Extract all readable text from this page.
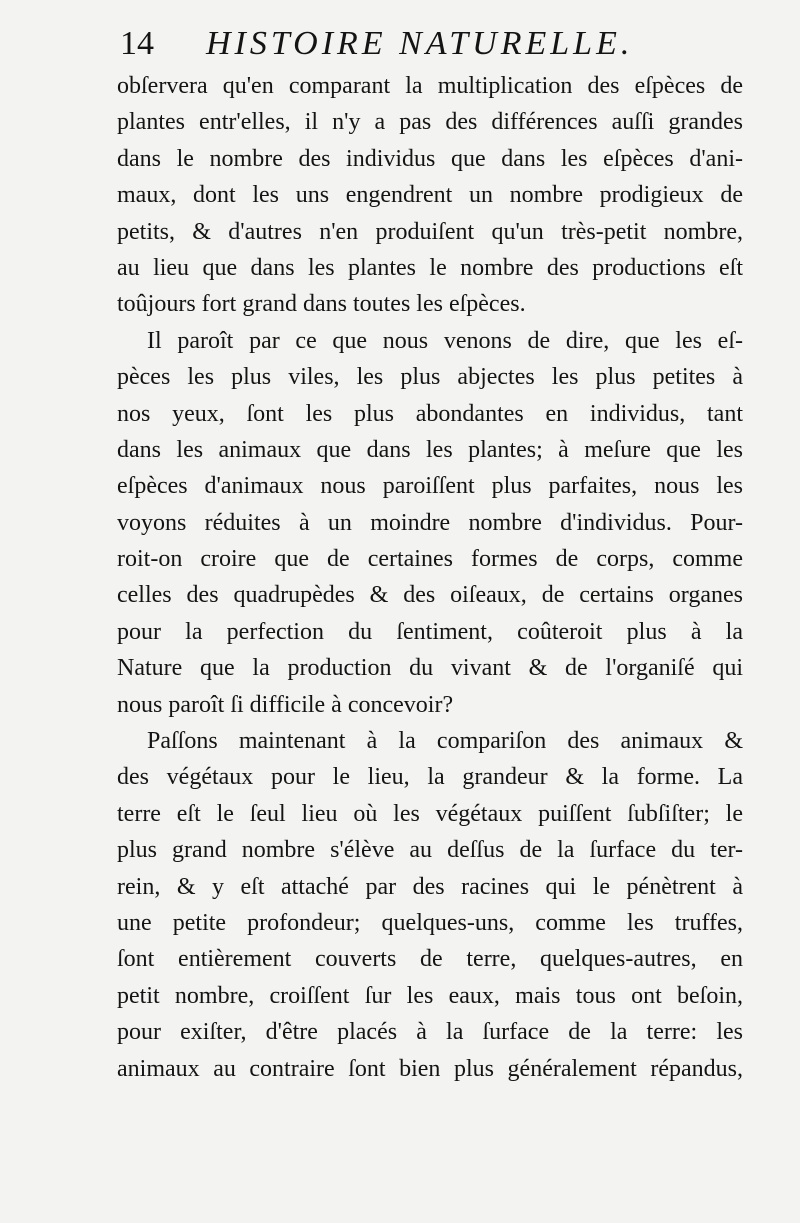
14 HISTOIRE NATURELLE.
obſervera qu'en comparant la multiplication des eſpèces de
plantes entr'elles, il n'y a pas des différences auſſi grandes
dans le nombre des individus que dans les eſpèces d'ani-
maux, dont les uns engendrent un nombre prodigieux de
petits, & d'autres n'en produiſent qu'un très-petit nombre,
au lieu que dans les plantes le nombre des productions eſt
toûjours fort grand dans toutes les eſpèces.
Il paroît par ce que nous venons de dire, que les eſ-
pèces les plus viles, les plus abjectes les plus petites à
nos yeux, ſont les plus abondantes en individus, tant
dans les animaux que dans les plantes; à meſure que les
eſpèces d'animaux nous paroiſſent plus parfaites, nous les
voyons réduites à un moindre nombre d'individus. Pour-
roit-on croire que de certaines formes de corps, comme
celles des quadrupèdes & des oiſeaux, de certains organes
pour la perfection du ſentiment, coûteroit plus à la
Nature que la production du vivant & de l'organiſé qui
nous paroît ſi difficile à concevoir?
Paſſons maintenant à la compariſon des animaux &
des végétaux pour le lieu, la grandeur & la forme. La
terre eſt le ſeul lieu où les végétaux puiſſent ſubſiſter; le
plus grand nombre s'élève au deſſus de la ſurface du ter-
rein, & y eſt attaché par des racines qui le pénètrent à
une petite profondeur; quelques-uns, comme les truffes,
ſont entièrement couverts de terre, quelques-autres, en
petit nombre, croiſſent ſur les eaux, mais tous ont beſoin,
pour exiſter, d'être placés à la ſurface de la terre: les
animaux au contraire ſont bien plus généralement répandus,
